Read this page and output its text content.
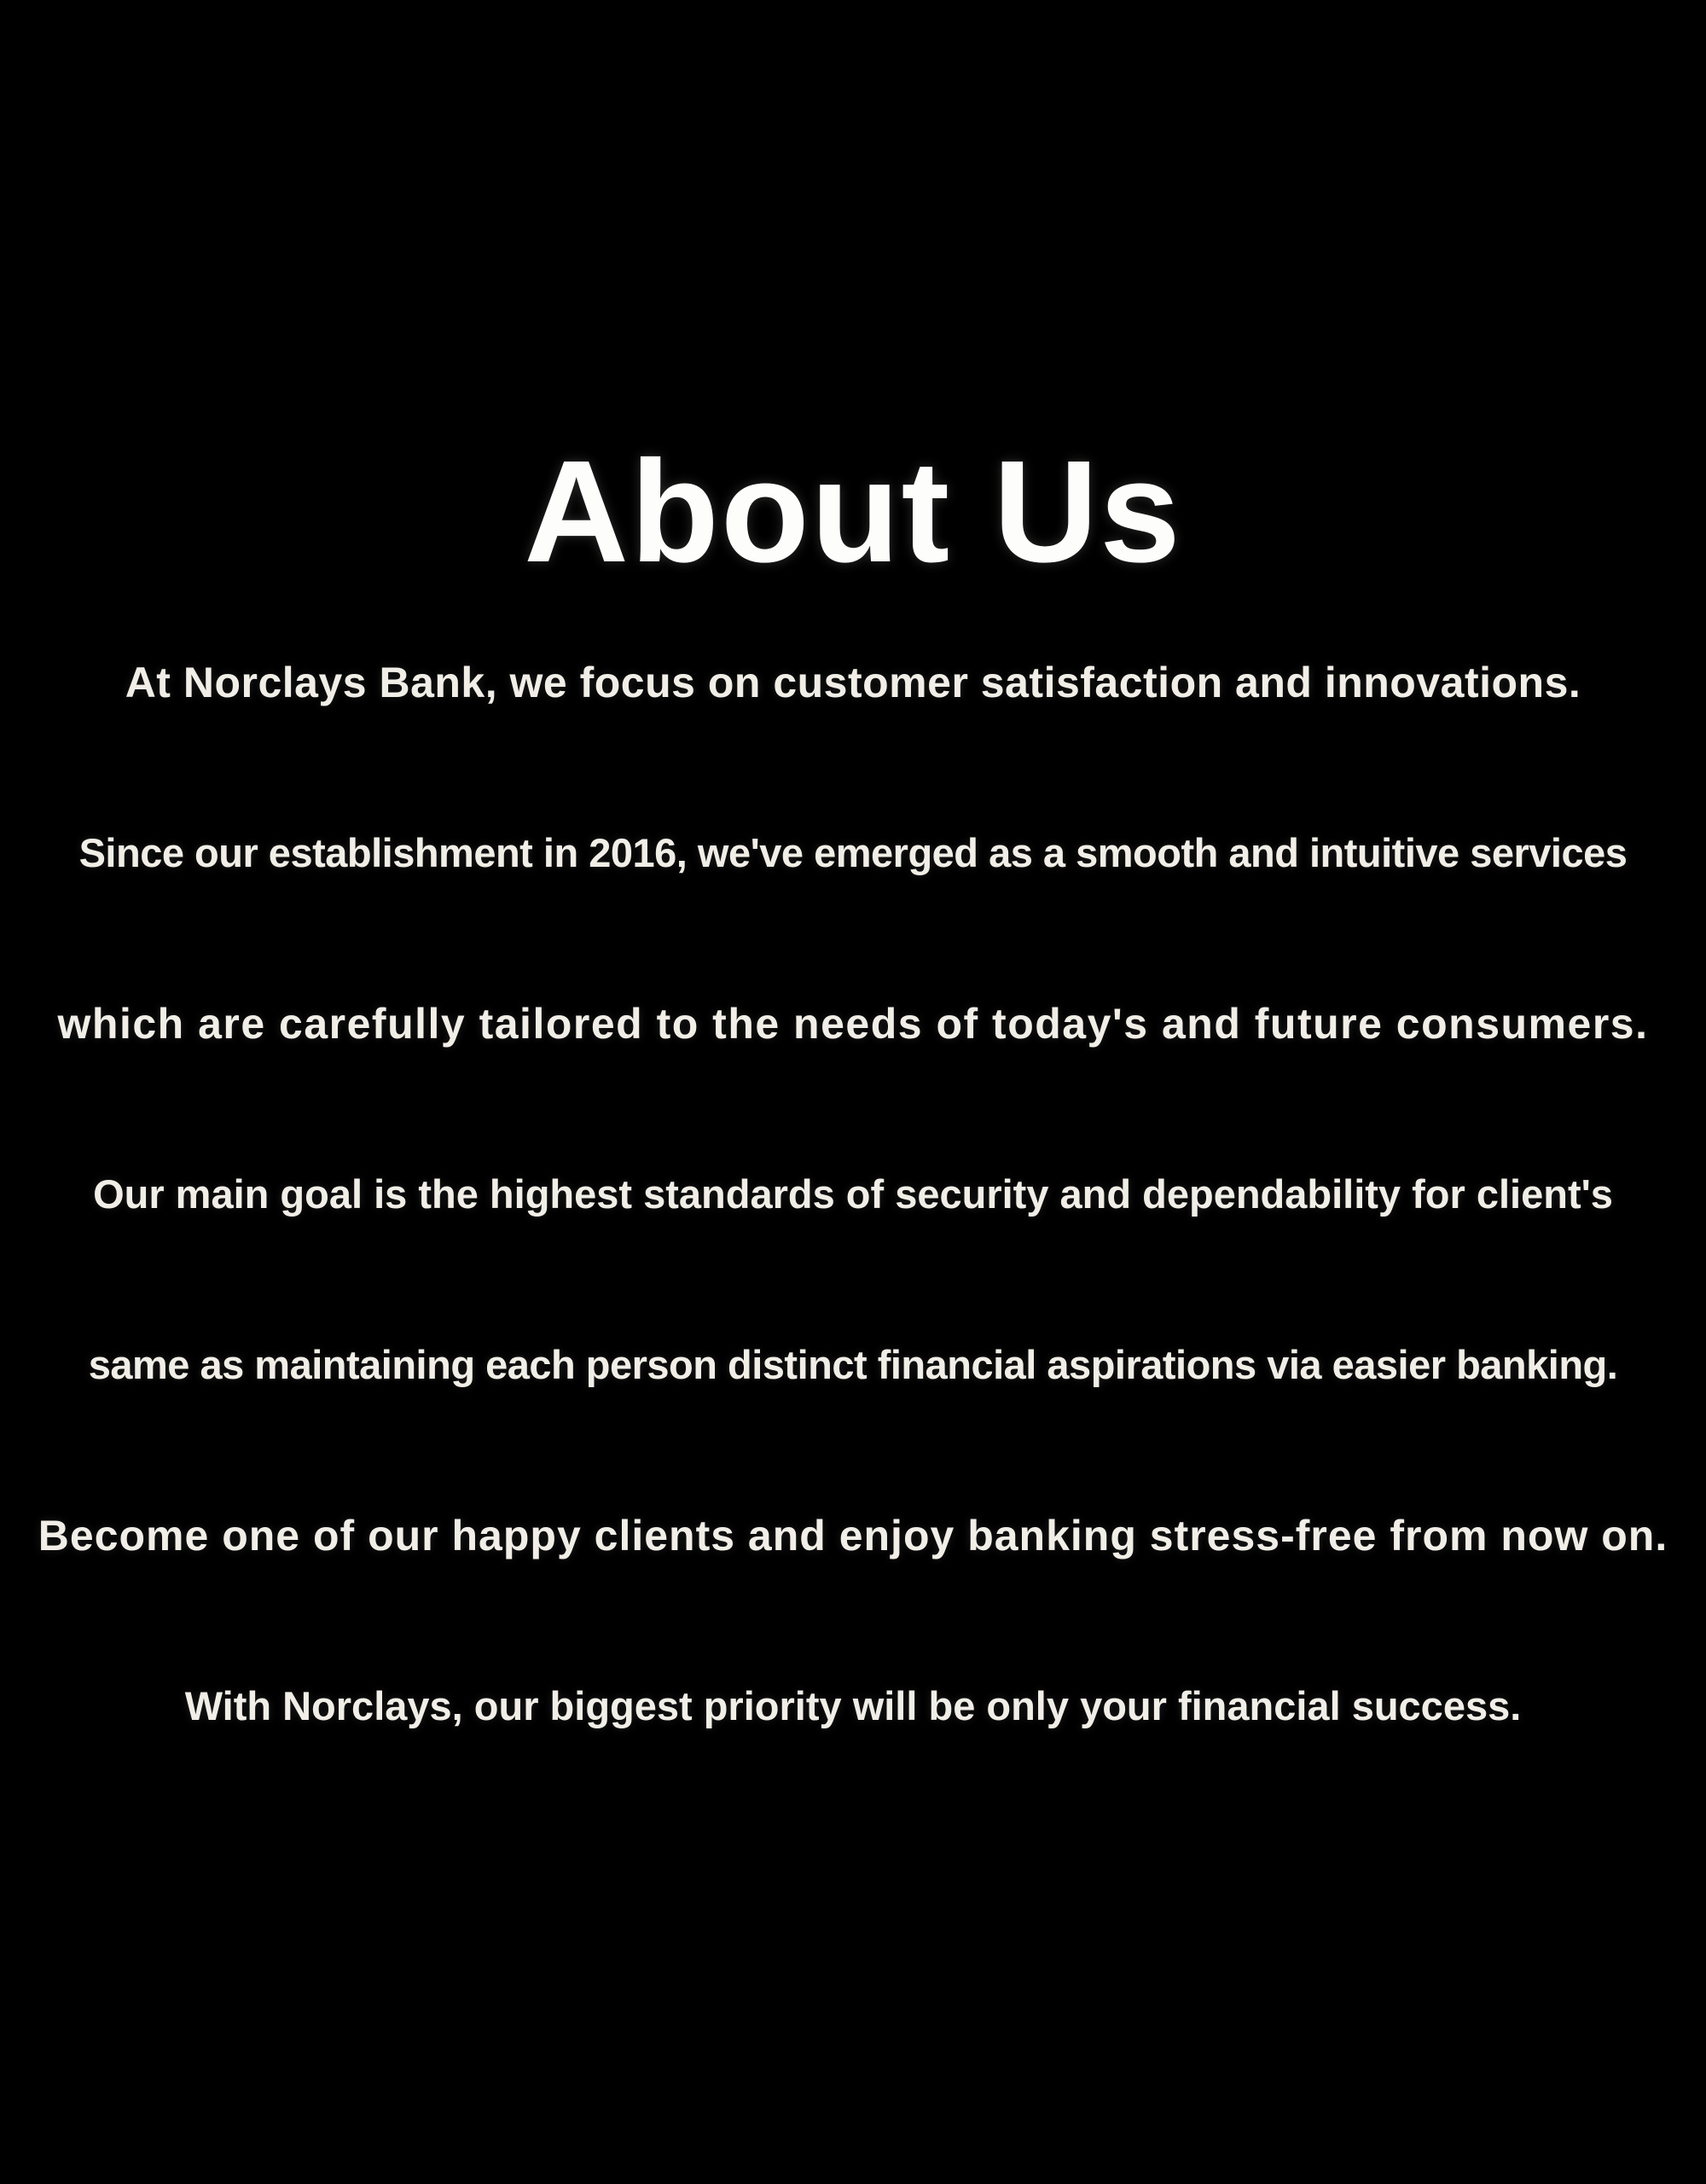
About Us

At Norclays Bank, we focus on customer satisfaction and innovations.

Since our establishment in 2016, we've emerged as a smooth and intuitive services

which are carefully tailored to the needs of today's and future consumers.

Our main goal is the highest standards of security and dependability for client's

same as maintaining each person distinct financial aspirations via easier banking.

Become one of our happy clients and enjoy banking stress-free from now on.

With Norclays, our biggest priority will be only your financial success.
